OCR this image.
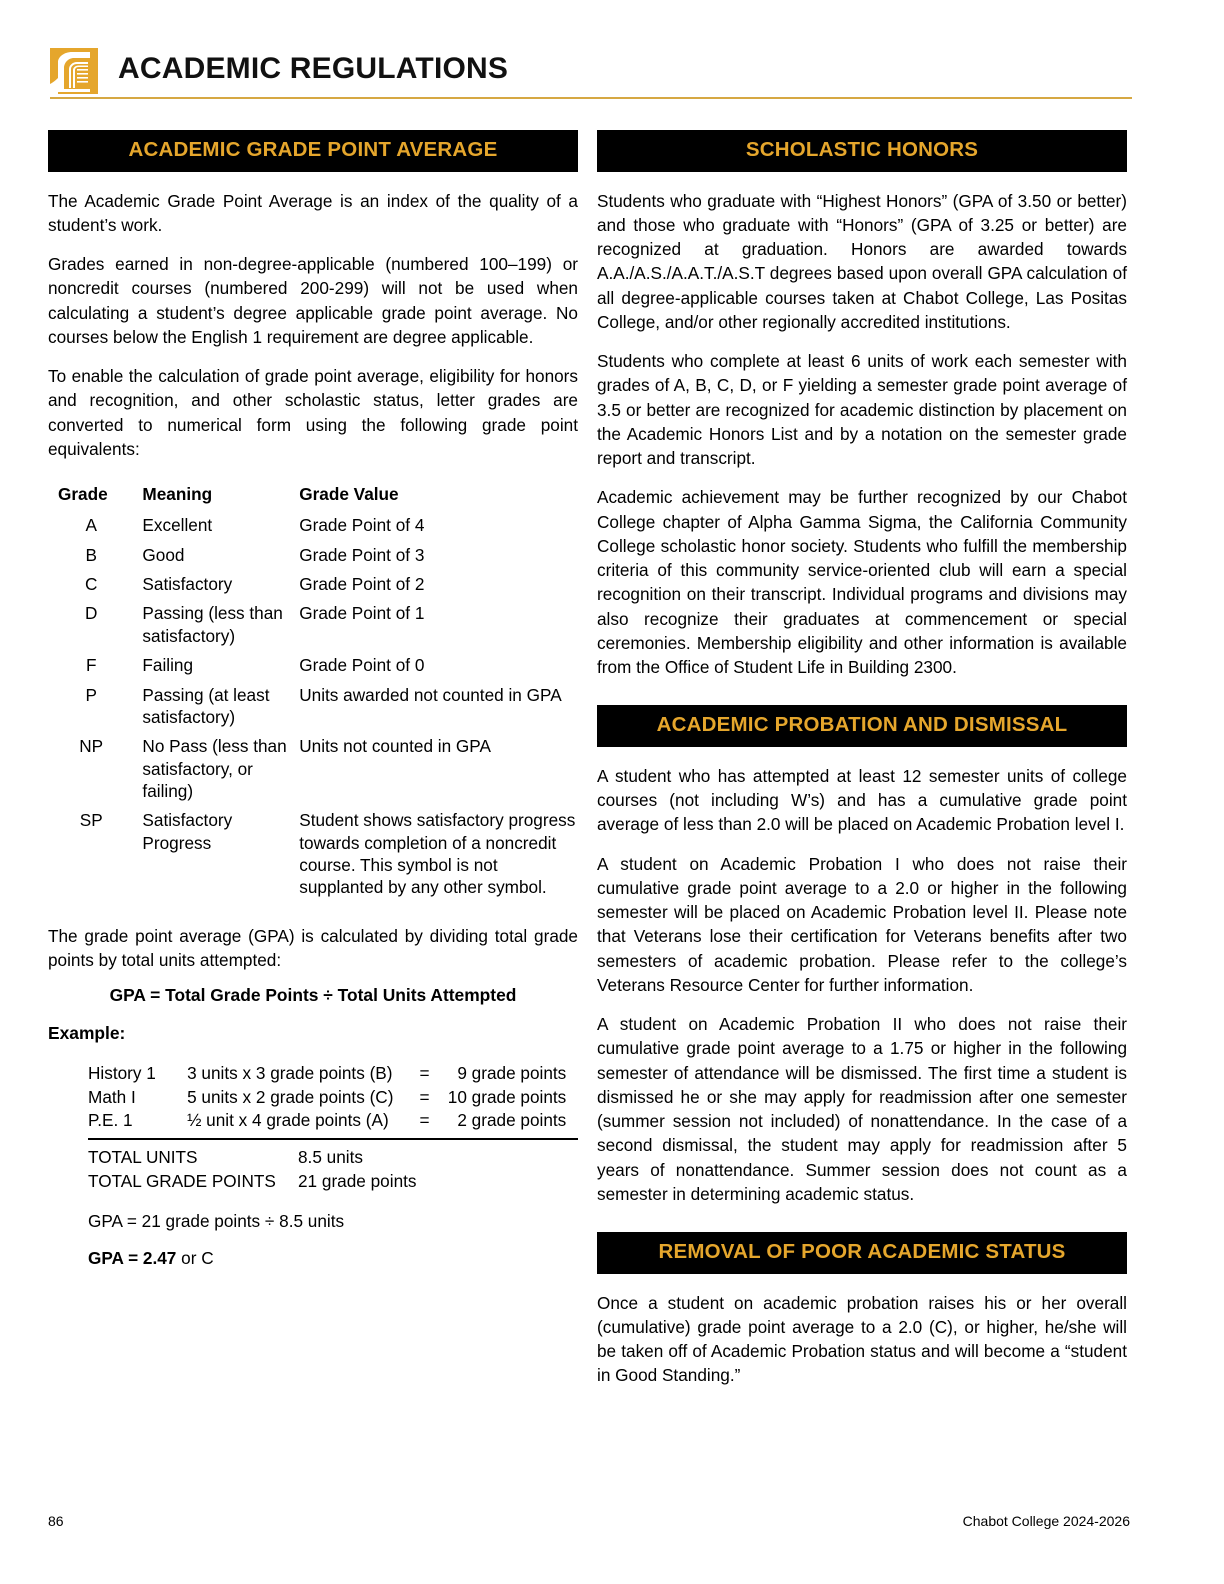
ACADEMIC REGULATIONS
ACADEMIC GRADE POINT AVERAGE

The Academic Grade Point Average is an index of the quality of a student’s work.

Grades earned in non-degree-applicable (numbered 100–199) or noncredit courses (numbered 200-299) will not be used when calculating a student’s degree applicable grade point average. No courses below the English 1 requirement are degree applicable.

To enable the calculation of grade point average, eligibility for honors and recognition, and other scholastic status, letter grades are converted to numerical form using the following grade point equivalents:

Grade	Meaning	Grade Value
A	Excellent	Grade Point of 4
B	Good	Grade Point of 3
C	Satisfactory	Grade Point of 2
D	Passing (less than satisfactory)	Grade Point of 1
F	Failing	Grade Point of 0
P	Passing (at least satisfactory)	Units awarded not counted in GPA
NP	No Pass (less than satisfactory, or failing)	Units not counted in GPA
SP	Satisfactory Progress	Student shows satisfactory progress towards completion of a noncredit course. This symbol is not supplanted by any other symbol.

The grade point average (GPA) is calculated by dividing total grade points by total units attempted:

GPA = Total Grade Points ÷ Total Units Attempted
Example:
History 1	3 units x 3 grade points (B)	=	9 grade points
Math I	5 units x 2 grade points (C)	=	10 grade points
P.E. 1	½ unit x 4 grade points (A)	=	2 grade points
TOTAL UNITS	8.5 units
TOTAL GRADE POINTS	21 grade points
GPA = 21 grade points ÷ 8.5 units
GPA = 2.47 or C
SCHOLASTIC HONORS

Students who graduate with “Highest Honors” (GPA of 3.50 or better) and those who graduate with “Honors” (GPA of 3.25 or better) are recognized at graduation. Honors are awarded towards A.A./A.S./A.A.T./A.S.T degrees based upon overall GPA calculation of all degree-applicable courses taken at Chabot College, Las Positas College, and/or other regionally accredited institutions.

Students who complete at least 6 units of work each semester with grades of A, B, C, D, or F yielding a semester grade point average of 3.5 or better are recognized for academic distinction by placement on the Academic Honors List and by a notation on the semester grade report and transcript.

Academic achievement may be further recognized by our Chabot College chapter of Alpha Gamma Sigma, the California Community College scholastic honor society. Students who fulfill the membership criteria of this community service-oriented club will earn a special recognition on their transcript. Individual programs and divisions may also recognize their graduates at commencement or special ceremonies. Membership eligibility and other information is available from the Office of Student Life in Building 2300.

ACADEMIC PROBATION AND DISMISSAL

A student who has attempted at least 12 semester units of college courses (not including W’s) and has a cumulative grade point average of less than 2.0 will be placed on Academic Probation level I.

A student on Academic Probation I who does not raise their cumulative grade point average to a 2.0 or higher in the following semester will be placed on Academic Probation level II. Please note that Veterans lose their certification for Veterans benefits after two semesters of academic probation. Please refer to the college’s Veterans Resource Center for further information.

A student on Academic Probation II who does not raise their cumulative grade point average to a 1.75 or higher in the following semester of attendance will be dismissed. The first time a student is dismissed he or she may apply for readmission after one semester (summer session not included) of nonattendance. In the case of a second dismissal, the student may apply for readmission after 5 years of nonattendance. Summer session does not count as a semester in determining academic status.

REMOVAL OF POOR ACADEMIC STATUS

Once a student on academic probation raises his or her overall (cumulative) grade point average to a 2.0 (C), or higher, he/she will be taken off of Academic Probation status and will become a “student in Good Standing.”

86	Chabot College 2024-2026
